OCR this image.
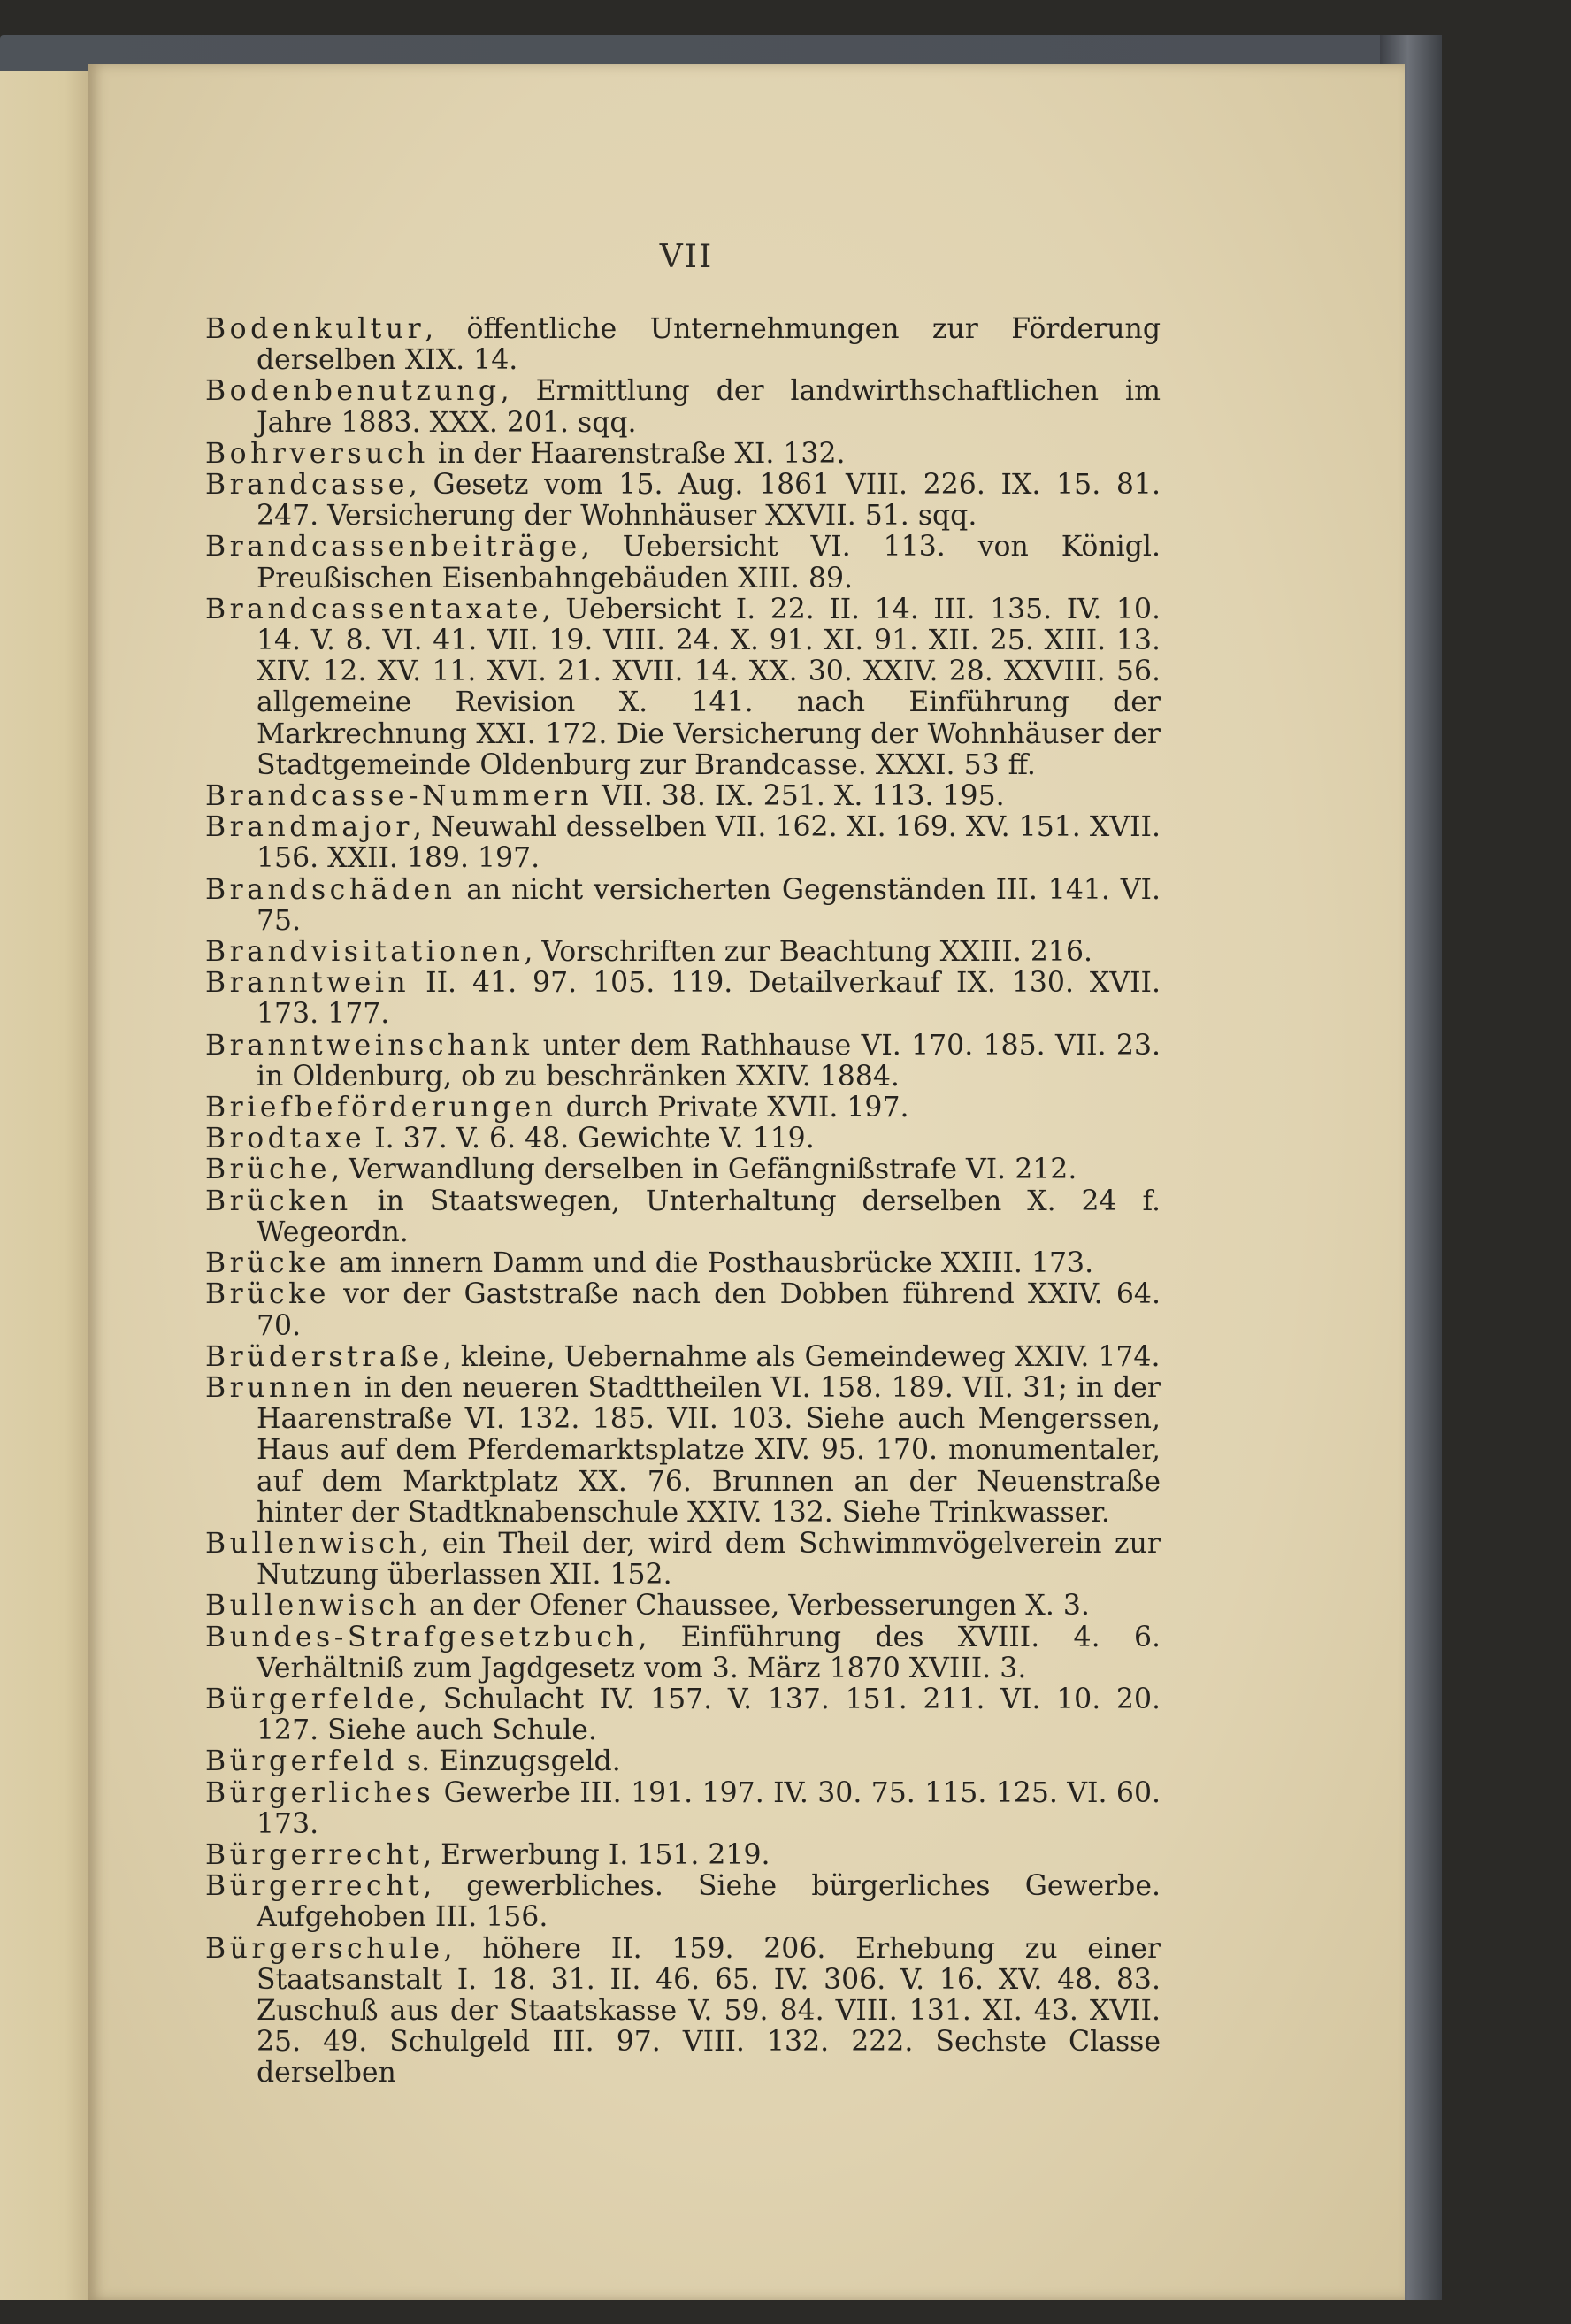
VII

Bodenkultur, öffentliche Unternehmungen zur Förderung derselben XIX. 14.

Bodenbenutzung, Ermittlung der landwirthschaftlichen im Jahre 1883. XXX. 201. sqq.

Bohrversuch in der Haarenstraße XI. 132.

Brandcasse, Gesetz vom 15. Aug. 1861 VIII. 226. IX. 15. 81. 247. Versicherung der Wohnhäuser XXVII. 51. sqq.

Brandcassenbeiträge, Uebersicht VI. 113. von Königl. Preußischen Eisenbahngebäuden XIII. 89.

Brandcassentaxate, Uebersicht I. 22. II. 14. III. 135. IV. 10. 14. V. 8. VI. 41. VII. 19. VIII. 24. X. 91. XI. 91. XII. 25. XIII. 13. XIV. 12. XV. 11. XVI. 21. XVII. 14. XX. 30. XXIV. 28. XXVIII. 56. allgemeine Revision X. 141. nach Einführung der Markrechnung XXI. 172. Die Versicherung der Wohnhäuser der Stadtgemeinde Oldenburg zur Brandcasse. XXXI. 53 ff.

Brandcasse-Nummern VII. 38. IX. 251. X. 113. 195.

Brandmajor, Neuwahl desselben VII. 162. XI. 169. XV. 151. XVII. 156. XXII. 189. 197.

Brandschäden an nicht versicherten Gegenständen III. 141. VI. 75.

Brandvisitationen, Vorschriften zur Beachtung XXIII. 216.

Branntwein II. 41. 97. 105. 119. Detailverkauf IX. 130. XVII. 173. 177.

Branntweinschank unter dem Rathhause VI. 170. 185. VII. 23. in Oldenburg, ob zu beschränken XXIV. 1884.

Briefbeförderungen durch Private XVII. 197.

Brodtaxe I. 37. V. 6. 48. Gewichte V. 119.

Brüche, Verwandlung derselben in Gefängnißstrafe VI. 212.

Brücken in Staatswegen, Unterhaltung derselben X. 24 f. Wegeordn.

Brücke am innern Damm und die Posthausbrücke XXIII. 173.

Brücke vor der Gaststraße nach den Dobben führend XXIV. 64. 70.

Brüderstraße, kleine, Uebernahme als Gemeindeweg XXIV. 174.

Brunnen in den neueren Stadttheilen VI. 158. 189. VII. 31; in der Haarenstraße VI. 132. 185. VII. 103. Siehe auch Mengerssen, Haus auf dem Pferdemarktsplatze XIV. 95. 170. monumentaler, auf dem Marktplatz XX. 76. Brunnen an der Neuenstraße hinter der Stadtknabenschule XXIV. 132. Siehe Trinkwasser.

Bullenwisch, ein Theil der, wird dem Schwimmvögelverein zur Nutzung überlassen XII. 152.

Bullenwisch an der Ofener Chaussee, Verbesserungen X. 3.

Bundes-Strafgesetzbuch, Einführung des XVIII. 4. 6. Verhältniß zum Jagdgesetz vom 3. März 1870 XVIII. 3.

Bürgerfelde, Schulacht IV. 157. V. 137. 151. 211. VI. 10. 20. 127. Siehe auch Schule.

Bürgerfeld s. Einzugsgeld.

Bürgerliches Gewerbe III. 191. 197. IV. 30. 75. 115. 125. VI. 60. 173.

Bürgerrecht, Erwerbung I. 151. 219.

Bürgerrecht, gewerbliches. Siehe bürgerliches Gewerbe. Aufgehoben III. 156.

Bürgerschule, höhere II. 159. 206. Erhebung zu einer Staatsanstalt I. 18. 31. II. 46. 65. IV. 306. V. 16. XV. 48. 83. Zuschuß aus der Staatskasse V. 59. 84. VIII. 131. XI. 43. XVII. 25. 49. Schulgeld III. 97. VIII. 132. 222. Sechste Classe derselben
